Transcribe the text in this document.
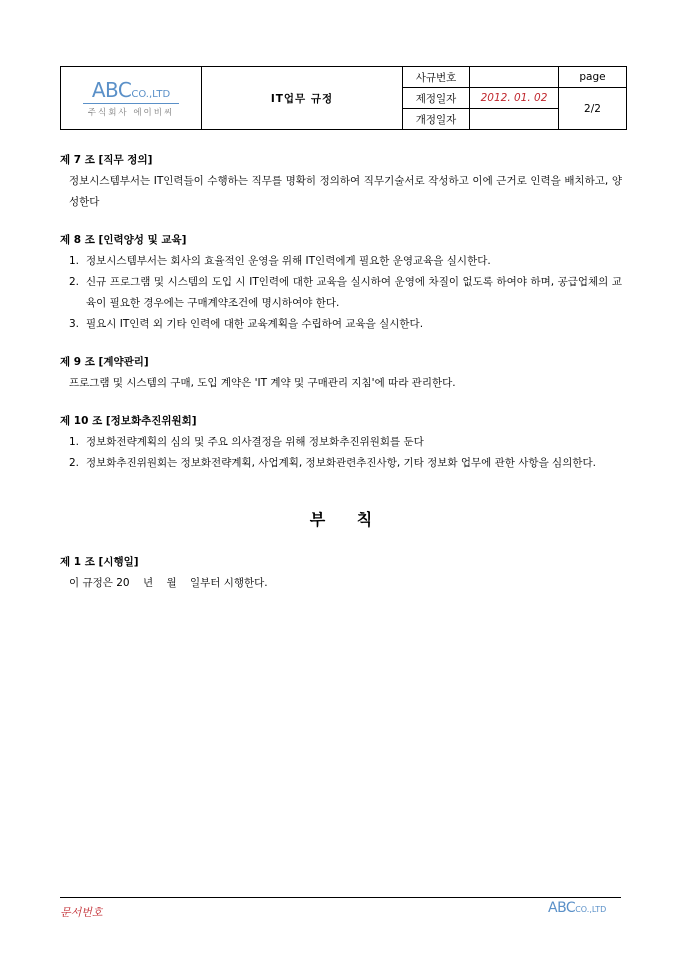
ABCCO.,LTD
주식회사 에이비씨	IT업무 규정	사규번호		page
		제정일자	2012. 01. 02	2/2
		개정일자		
제 7 조 [직무 정의]
정보시스템부서는 IT인력들이 수행하는 직무를 명확히 정의하여 직무기술서로 작성하고 이에 근거로 인력을 배치하고, 양성한다
제 8 조 [인력양성 및 교육]
1. 정보시스템부서는 회사의 효율적인 운영을 위해 IT인력에게 필요한 운영교육을 실시한다.
2. 신규 프로그램 및 시스템의 도입 시 IT인력에 대한 교육을 실시하여 운영에 차질이 없도록 하여야 하며, 공급업체의 교육이 필요한 경우에는 구매계약조건에 명시하여야 한다.
3. 필요시 IT인력 외 기타 인력에 대한 교육계획을 수립하여 교육을 실시한다.
제 9 조 [계약관리]
프로그램 및 시스템의 구매, 도입 계약은 'IT 계약 및 구매관리 지침'에 따라 관리한다.
제 10 조 [정보화추진위원회]
1. 정보화전략계획의 심의 및 주요 의사결정을 위해 정보화추진위원회를 둔다
2. 정보화추진위원회는 정보화전략계획, 사업계획, 정보화관련추진사항, 기타 정보화 업무에 관한 사항을 심의한다.
부 칙
제 1 조 [시행일]
이 규정은 20    년    월    일부터 시행한다.
문서번호	ABCCO.,LTD
